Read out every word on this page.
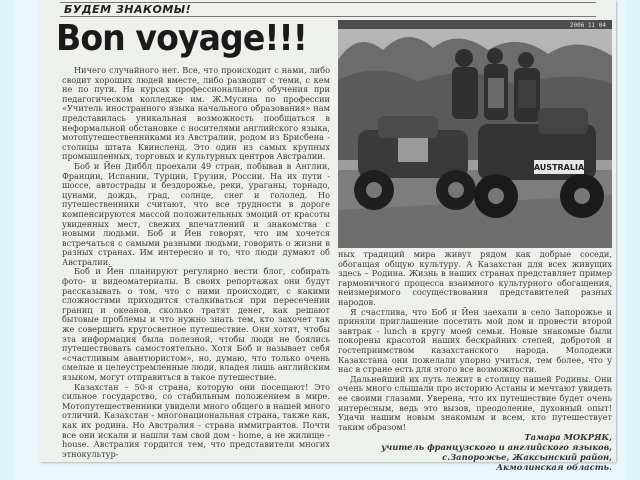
БУДЕМ ЗНАКОМЫ!
Bon voyage!!!

Ничего случайного нет. Все, что происходит с нами, либо сводит хороших людей вместе, либо разводит с теми, с кем не по пути. На курсах профессионального обучения при педагогическом колледже им. Ж.Мусина по профессии «Учитель иностранного языка начального образования» нам представилась уникальная возможность пообщаться в неформальной обстановке с носителями английского языка, мотопутешественниками из Австралии, родом из Брисбена - столицы штата Квинсленд. Это один из самых крупных промышленных, торговых и культурных центров Австралии.

Боб и Йен Диббл проехали 49 стран, побывав в Англии, Франции, Испании, Турции, Грузии, России. На их пути - шоссе, автострады и бездорожье, реки, ураганы, торнадо, цунами, дождь, град, солнце, снег и гололед. Но путешественники считают, что все трудности в дороге компенсируются массой положительных эмоций от красоты увиденных мест, свежих впечатлений и знакомства с новыми людьми. Боб и Йен говорят, что им хочется встречаться с самыми разными людьми, говорить о жизни в разных странах. Им интересно и то, что люди думают об Австралии.

Боб и Йен планируют регулярно вести блог, собирать фото- и видеоматериалы. В своих репортажах они будут рассказывать о том, что с ними происходит, с какими сложностями приходится сталкиваться при пересечении границ и океанов, сколько тратят денег, как решают бытовые проблемы и что нужно знать тем, кто захочет так же совершить кругосветное путешествие. Они хотят, чтобы эта информация была полезной, чтобы люди не боялись путешествовать самостоятельно. Хотя Боб и называет себя «счастливым авантюристом», но, думаю, что только очень смелые и целеустремленные люди, владея лишь английским языком, могут отправиться в такое путешествие.

Казахстан – 50-я страна, которую они посещают! Это сильное государство, со стабильным положением в мире. Мотопутешественники увидели много общего в нашей много отличий. Казахстан - многонациональная страна, также как, как их родина. Но Австралия - страна иммигрантов. Почти все они искали и нашли там свой дом - home, а не жилище - house. Австралия гордится тем, что представители многих этнокультур-

AUSTRALIA
2006 11 04

ных традиций мира живут рядом как добрые соседи, обогащая общую культуру. А Казахстан для всех живущих здесь – Родина. Жизнь в наших странах представляет пример гармоничного процесса взаимного культурного обогащения, неизмеримого сосуществования представителей разных народов.

Я счастлива, что Боб и Йен заехали в село Запорожье и приняли приглашение посетить мой дом и провести второй завтрак - lunch в кругу моей семьи. Новые знакомые были покорены красотой наших бескрайних степей, добротой и гостеприимством казахстанского народа. Молодежи Казахстана они пожелали упорно учиться, тем более, что у нас в стране есть для этого все возможности.

Дальнейший их путь лежит в столицу нашей Родины. Они очень много слышали про историю Астаны и мечтают увидеть ее своими глазами. Уверена, что их путешествие будет очень интересным, ведь это вызов, преодоление, духовный опыт! Удачи нашим новым знакомым и всем, кто путешествует таким образом!

Тамара МОКРЯК,

учитель французского и английского языков,

с.Запорожье, Жаксынский район,

Акмолинская область.
